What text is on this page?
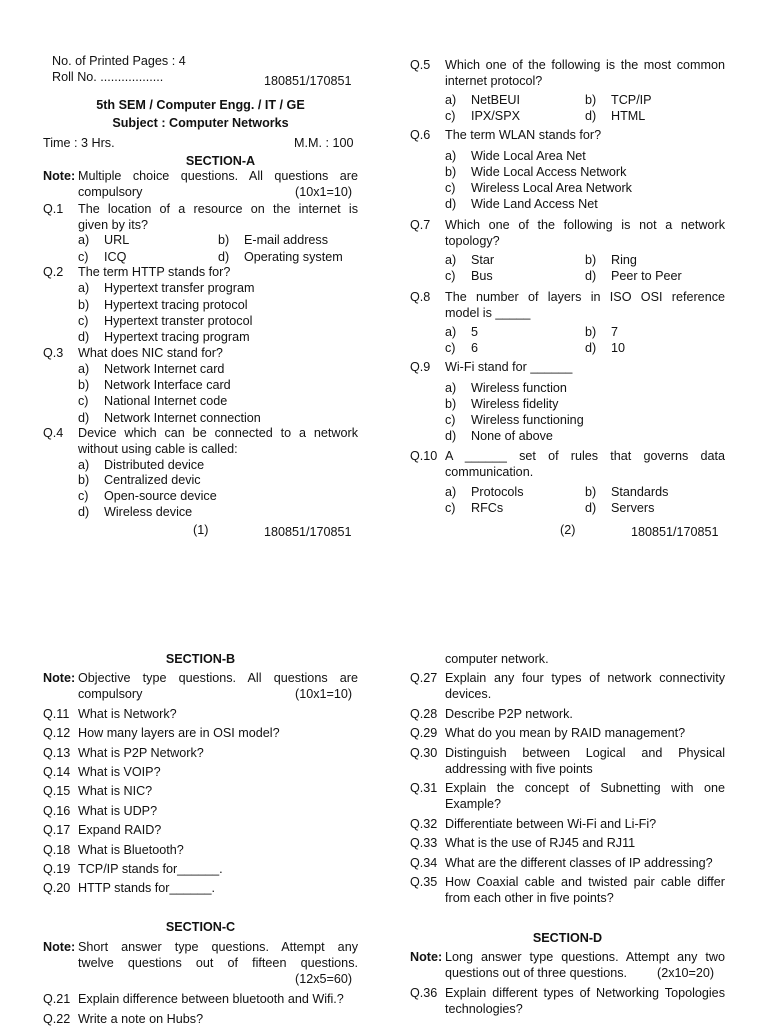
No. of Printed Pages : 4
Roll No. ..................	180851/170851
5th SEM / Computer Engg. / IT / GE
Subject : Computer Networks
Time : 3 Hrs.	M.M. : 100
SECTION-A
Note: Multiple choice questions. All questions are
compulsory	(10x1=10)
Q.1 The location of a resource on the internet is
given by its?
a) URL	b) E-mail address
c) ICQ	d) Operating system
Q.2 The term HTTP stands for?
a) Hypertext transfer program
b) Hypertext tracing protocol
c) Hypertext transter protocol
d) Hypertext tracing program
Q.3 What does NIC stand for?
a) Network Internet card
b) Network Interface card
c) National Internet code
d) Network Internet connection
Q.4 Device which can be connected to a network
without using cable is called:
a) Distributed device
b) Centralized devic
c) Open-source device
d) Wireless device
(1)	180851/170851
Q.5 Which one of the following is the most common
internet protocol?
a) NetBEUI	b) TCP/IP
c) IPX/SPX	d) HTML
Q.6 The term WLAN stands for?
a) Wide Local Area Net
b) Wide Local Access Network
c) Wireless Local Area Network
d) Wide Land Access Net
Q.7 Which one of the following is not a network
topology?
a) Star	b) Ring
c) Bus	d) Peer to Peer
Q.8 The number of layers in ISO OSI reference
model is _____
a) 5	b) 7
c) 6	d) 10
Q.9 Wi-Fi stand for ______
a) Wireless function
b) Wireless fidelity
c) Wireless functioning
d) None of above
Q.10 A ______ set of rules that governs data
communication.
a) Protocols	b) Standards
c) RFCs	d) Servers
(2)	180851/170851
SECTION-B
Note: Objective type questions. All questions are
compulsory	(10x1=10)
Q.11 What is Network?
Q.12 How many layers are in OSI model?
Q.13 What is P2P Network?
Q.14 What is VOIP?
Q.15 What is NIC?
Q.16 What is UDP?
Q.17 Expand RAID?
Q.18 What is Bluetooth?
Q.19 TCP/IP stands for______.
Q.20 HTTP stands for______.
SECTION-C
Note: Short answer type questions. Attempt any
twelve questions out of fifteen questions.
(12x5=60)
Q.21 Explain difference between bluetooth and Wifi.?
Q.22 Write a note on Hubs?
computer network.
Q.27 Explain any four types of network connectivity
devices.
Q.28 Describe P2P network.
Q.29 What do you mean by RAID management?
Q.30 Distinguish between Logical and Physical
addressing with five points
Q.31 Explain the concept of Subnetting with one
Example?
Q.32 Differentiate between Wi-Fi and Li-Fi?
Q.33 What is the use of RJ45 and RJ11
Q.34 What are the different classes of IP addressing?
Q.35 How Coaxial cable and twisted pair cable differ
from each other in five points?
SECTION-D
Note: Long answer type questions. Attempt any two
questions out of three questions. (2x10=20)
Q.36 Explain different types of Networking Topologies
technologies?
